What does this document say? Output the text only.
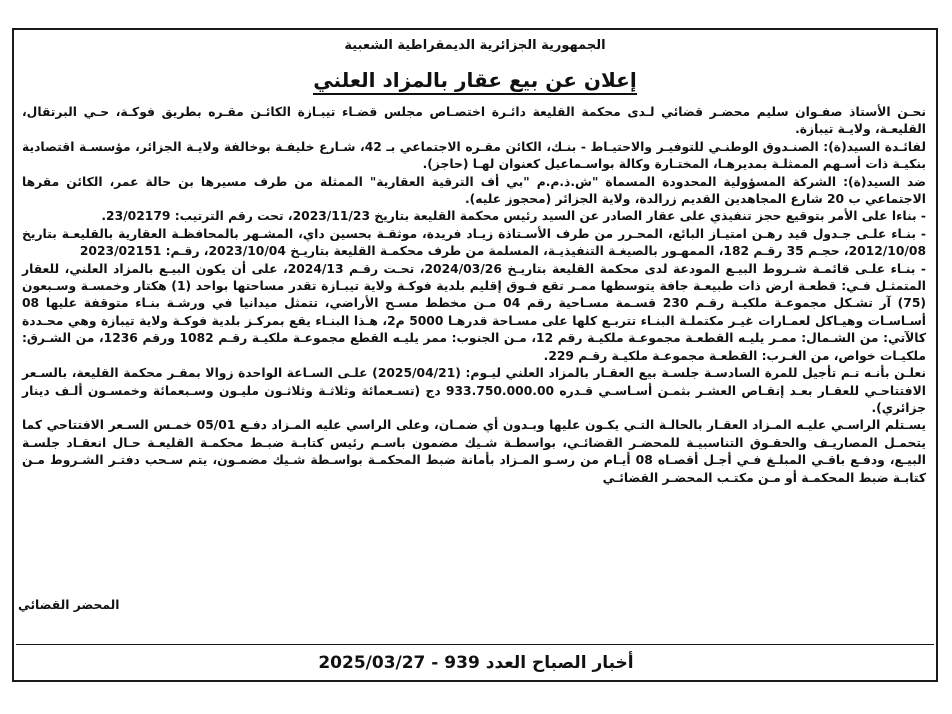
الجمهورية الجزائرية الديمقراطية الشعبية
إعلان عن بيع عقار بالمزاد العلني

نحـن الأستاذ صفـوان سليم محضـر قضائي لـدى محكمة القليعة دائـرة اختصـاص مجلس قضـاء تيبـازة الكائـن مقـره بطريق فوكـة، حـي البرتقال، القليعـة، ولايـة تيبازة.

لفائـدة السيد(ة): الصنـدوق الوطنـي للتوفيـر والاحتيـاط - بنـك، الكائن مقـره الاجتماعي بـ 42، شـارع خليفـة بوخالفة ولايـة الجزائر، مؤسسـة اقتصادية بنكيـة ذات أسـهم الممثلـة بمديرهـا، المختـارة وكالة بواسـماعيل كعنوان لهـا (حاجز).

ضد السيد(ة): الشركة المسؤولية المحدودة المسماة "ش.ذ.م.م "بي أف الترقية العقارية" الممثلة من طرف مسيرها بن حالة عمر، الكائن مقرها الاجتماعي ب 20 شارع المجاهدين القديم زرالدة، ولاية الجزائر (محجوز عليه).

- بناءا على الأمر بتوقيع حجز تنفيذي على عقار الصادر عن السيد رئيس محكمة القليعة بتاريخ 2023/11/23، تحت رقم الترتيب: 23/02179.

- بنـاء علـى جـدول قيد رهـن امتيـاز البائع، المحـرر من طرف الأسـتاذة زيـاد فريدة، موثقـة بحسين داي، المشـهر بالمحافظـة العقارية بالقليعـة بتاريخ 2012/10/08، حجـم 35 رقـم 182، الممهـور بالصيغـة التنفيذيـة، المسلمة من طرف محكمـة القليعة بتاريـخ 2023/10/04، رقـم: 2023/02151

- بنـاء علـى قائمـة شـروط البيـع المودعة لدى محكمة القليعة بتاريـخ 2024/03/26، تحـت رقـم 2024/13، على أن يكون البيـع بالمزاد العلني، للعقار المتمثـل فـي: قطعـة ارض ذات طبيعـة جافة يتوسطها ممـر تقع فـوق إقليم بلدية فوكـة ولاية تيبـازة تقدر مساحتها بواحد (1) هكتار وخمسـة وسـبعون (75) آر تشـكل مجموعـة ملكيـة رقـم 230 قسـمة مسـاحية رقم 04 مـن مخطط مسـح الأراضي، تتمثل ميدانيا في ورشـة بنـاء متوقفة عليها 08 أسـاسـات وهيـاكل لعمـارات غيـر مكتملـة البنـاء تتربـع كلها على مسـاحة قدرهـا 5000 م2، هـذا البنـاء يقع بمركـز بلدية فوكـة ولاية تيبازة وهي محـددة كالآتي: من الشـمال: ممـر يليـه القطعـة مجموعـة ملكيـة رقم 12، مـن الجنوب: ممر يليـه القطع مجموعـة ملكيـة رقـم 1082 ورقم 1236، من الشـرق: ملكيـات خواص، من الغـرب: القطعـة مجموعـة ملكيـة رقـم 229.

نعلـن بأنـه تـم تأجيل للمرة السادسـة جلسـة بيع العقـار بالمزاد العلني ليـوم: (2025/04/21) علـى السـاعة الواحدة زوالا بمقـر محكمة القليعة، بالسـعر الافتتاحـي للعقـار بعـد إنقـاص العشـر بثمـن أسـاسـي قـدره 933.750.000.00 دج (تسـعمائة وثلاثـة وثلاثـون مليـون وسـبعمائة وخمسـون ألـف دينار جزائري).

يسـتلم الراسـي عليـه المـزاد العقـار بالحالـة التـي يكـون عليها وبـدون أي ضمـان، وعلى الراسي عليه المـزاد دفـع 05/01 خمـس السـعر الافتتاحي كما يتحمـل المصاريـف والحقـوق التناسبيـة للمحضـر القضائـي، بواسطـة شـيك مضمون باسـم رئيس كتابـة ضبـط محكمـة القليعـة حـال انعقـاد جلسـة البيـع، ودفـع باقـي المبلـغ فـي أجـل أقصـاه 08 أيـام من رسـو المـزاد بأمانة ضبط المحكمـة بواسـطة شـيك مضمـون، يتم سـحب دفتـر الشـروط مـن كتابـة ضبط المحكمـة أو مـن مكتـب المحضـر القضائـي

المحضر القضائي
أخبار الصباح العدد 939 - 2025/03/27
